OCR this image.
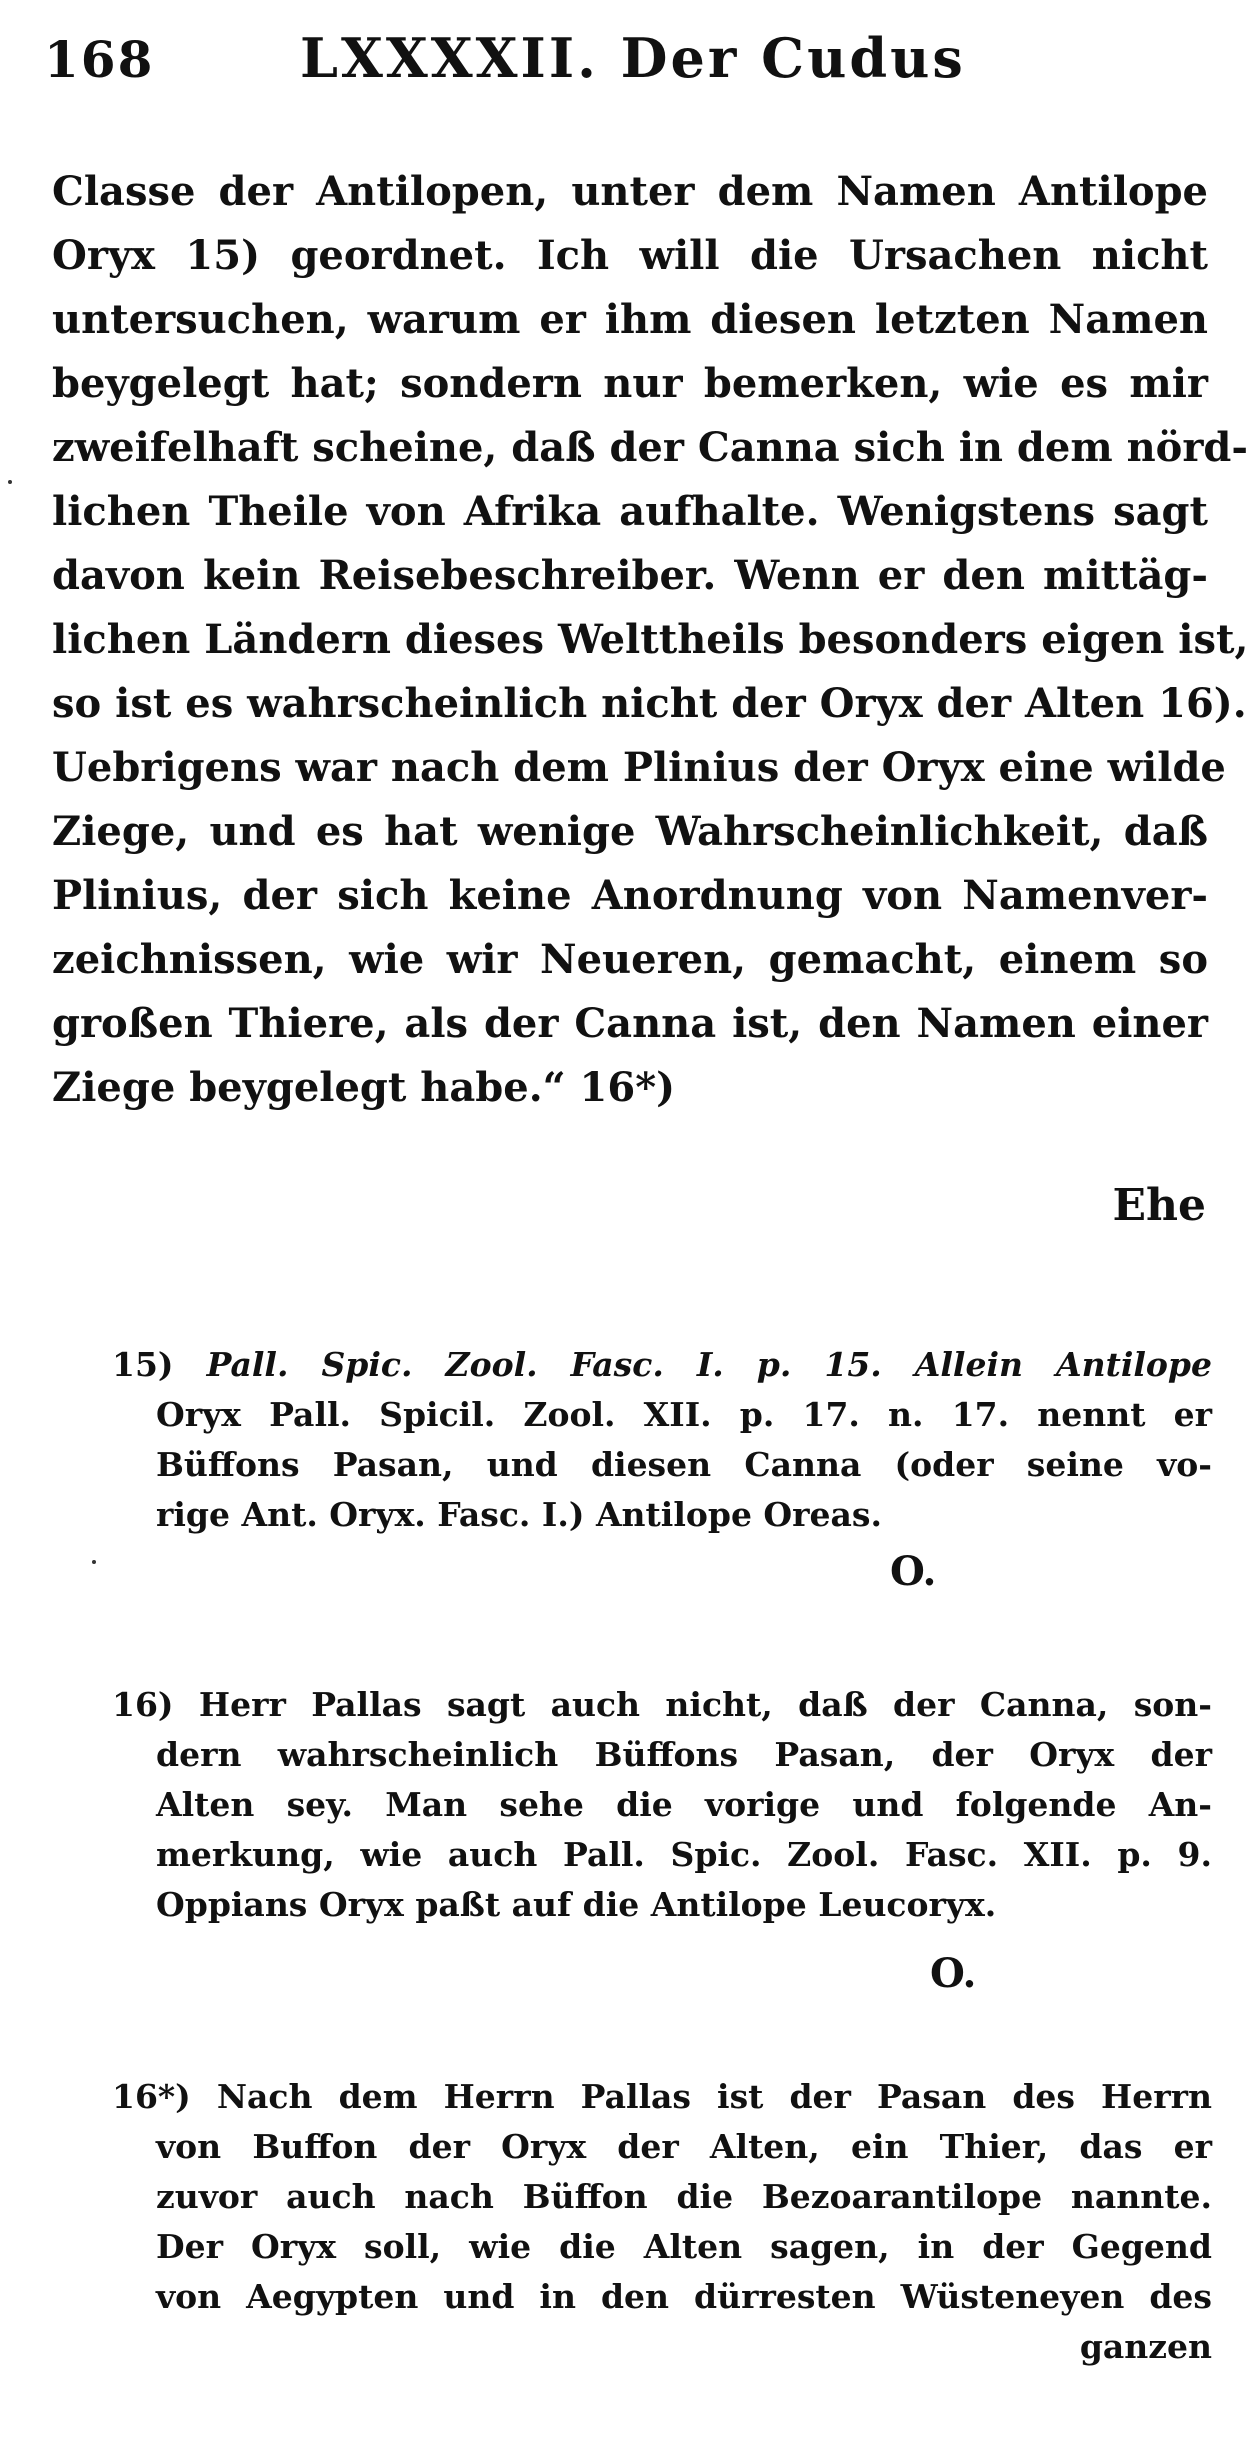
168	LXXXXII. Der Cudus
Classe der Antilopen, unter dem Namen Antilope
Oryx 15) geordnet. Ich will die Ursachen nicht
untersuchen, warum er ihm diesen letzten Namen
beygelegt hat; sondern nur bemerken, wie es mir
zweifelhaft scheine, daß der Canna sich in dem nörd-
lichen Theile von Afrika aufhalte. Wenigstens sagt
davon kein Reisebeschreiber. Wenn er den mittäg-
lichen Ländern dieses Welttheils besonders eigen ist,
so ist es wahrscheinlich nicht der Oryx der Alten 16).
Uebrigens war nach dem Plinius der Oryx eine wilde
Ziege, und es hat wenige Wahrscheinlichkeit, daß
Plinius, der sich keine Anordnung von Namenver-
zeichnissen, wie wir Neueren, gemacht, einem so
großen Thiere, als der Canna ist, den Namen einer
Ziege beygelegt habe.“ 16*)
Ehe
15) Pall. Spic. Zool. Fasc. I. p. 15. Allein Antilope
Oryx Pall. Spicil. Zool. XII. p. 17. n. 17. nennt er
Büffons Pasan, und diesen Canna (oder seine vo-
rige Ant. Oryx. Fasc. I.) Antilope Oreas.
O.
16) Herr Pallas sagt auch nicht, daß der Canna, son-
dern wahrscheinlich Büffons Pasan, der Oryx der
Alten sey. Man sehe die vorige und folgende An-
merkung, wie auch Pall. Spic. Zool. Fasc. XII. p. 9.
Oppians Oryx paßt auf die Antilope Leucoryx.
O.
16*) Nach dem Herrn Pallas ist der Pasan des Herrn
von Buffon der Oryx der Alten, ein Thier, das er
zuvor auch nach Büffon die Bezoarantilope nannte.
Der Oryx soll, wie die Alten sagen, in der Gegend
von Aegypten und in den dürresten Wüsteneyen des
ganzen
